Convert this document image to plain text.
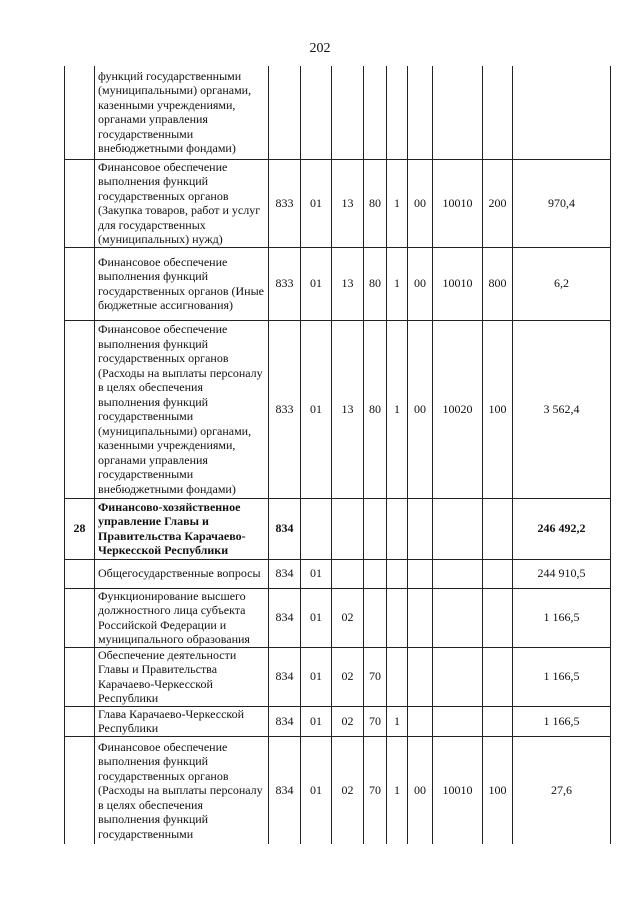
202
	функций государственными (муниципальными) органами, казенными учреждениями, органами управления государственными внебюджетными фондами)									
	Финансовое обеспечение выполнения функций государственных органов (Закупка товаров, работ и услуг для государственных (муниципальных) нужд)	833	01	13	80	1	00	10010	200	970,4
	Финансовое обеспечение выполнения функций государственных органов (Иные бюджетные ассигнования)	833	01	13	80	1	00	10010	800	6,2
	Финансовое обеспечение выполнения функций государственных органов (Расходы на выплаты персоналу в целях обеспечения выполнения функций государственными (муниципальными) органами, казенными учреждениями, органами управления государственными внебюджетными фондами)	833	01	13	80	1	00	10020	100	3 562,4
28	Финансово-хозяйственное управление Главы и Правительства Карачаево-Черкесской Республики	834								246 492,2
	Общегосударственные вопросы	834	01							244 910,5
	Функционирование высшего должностного лица субъекта Российской Федерации и муниципального образования	834	01	02						1 166,5
	Обеспечение деятельности Главы и Правительства Карачаево-Черкесской Республики	834	01	02	70					1 166,5
	Глава Карачаево-Черкесской Республики	834	01	02	70	1				1 166,5
	Финансовое обеспечение выполнения функций государственных органов (Расходы на выплаты персоналу в целях обеспечения выполнения функций государственными	834	01	02	70	1	00	10010	100	27,6
